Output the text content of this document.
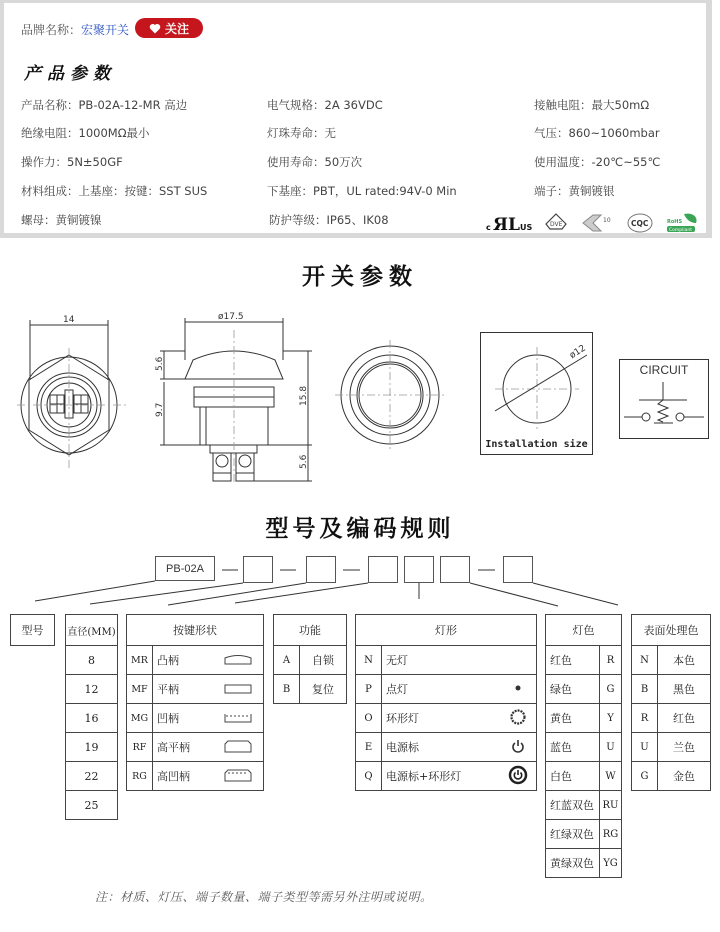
品牌名称：宏聚开关	关注
产品参数
产品名称：PB-02A-12-MR 高边	电气规格：2A 36VDC	接触电阻：最大50mΩ
绝缘电阻：1000MΩ最小	灯珠寿命：无	气压：860~1060mbar
操作力：5N±50GF	使用寿命：50万次	使用温度：-20℃~55℃
材料组成：上基座：按键：SST SUS	下基座：PBT，UL rated:94V-0 Min	端子：黄铜镀银
螺母：黄铜镀镍	防护等级：IP65、IK08
c ЯL US	DVE
10	CQC	RoHS
Compliant
开关参数
14	ø17.5
5.6
9.7
15.8
5.6
ø12
Installation size
CIRCUIT
型号及编码规则
PB-02A
型号 直径(MM)
8
12
16
19
22
25
按键形状		
MR	凸柄	
MF	平柄	
MG	凹柄	
RF	高平柄	
RG	高凹柄	
功能	
A	自锁
B	复位
灯形		
N	无灯	
P	点灯	
O	环形灯	
E	电源标	
Q	电源标+环形灯	
灯色	
红色	R
绿色	G
黄色	Y
蓝色	U
白色	W
红蓝双色	RU
红绿双色	RG
黄绿双色	YG
表面处理色	
N	本色
B	黑色
R	红色
U	兰色
G	金色
注：材质、灯压、端子数量、端子类型等需另外注明或说明。
